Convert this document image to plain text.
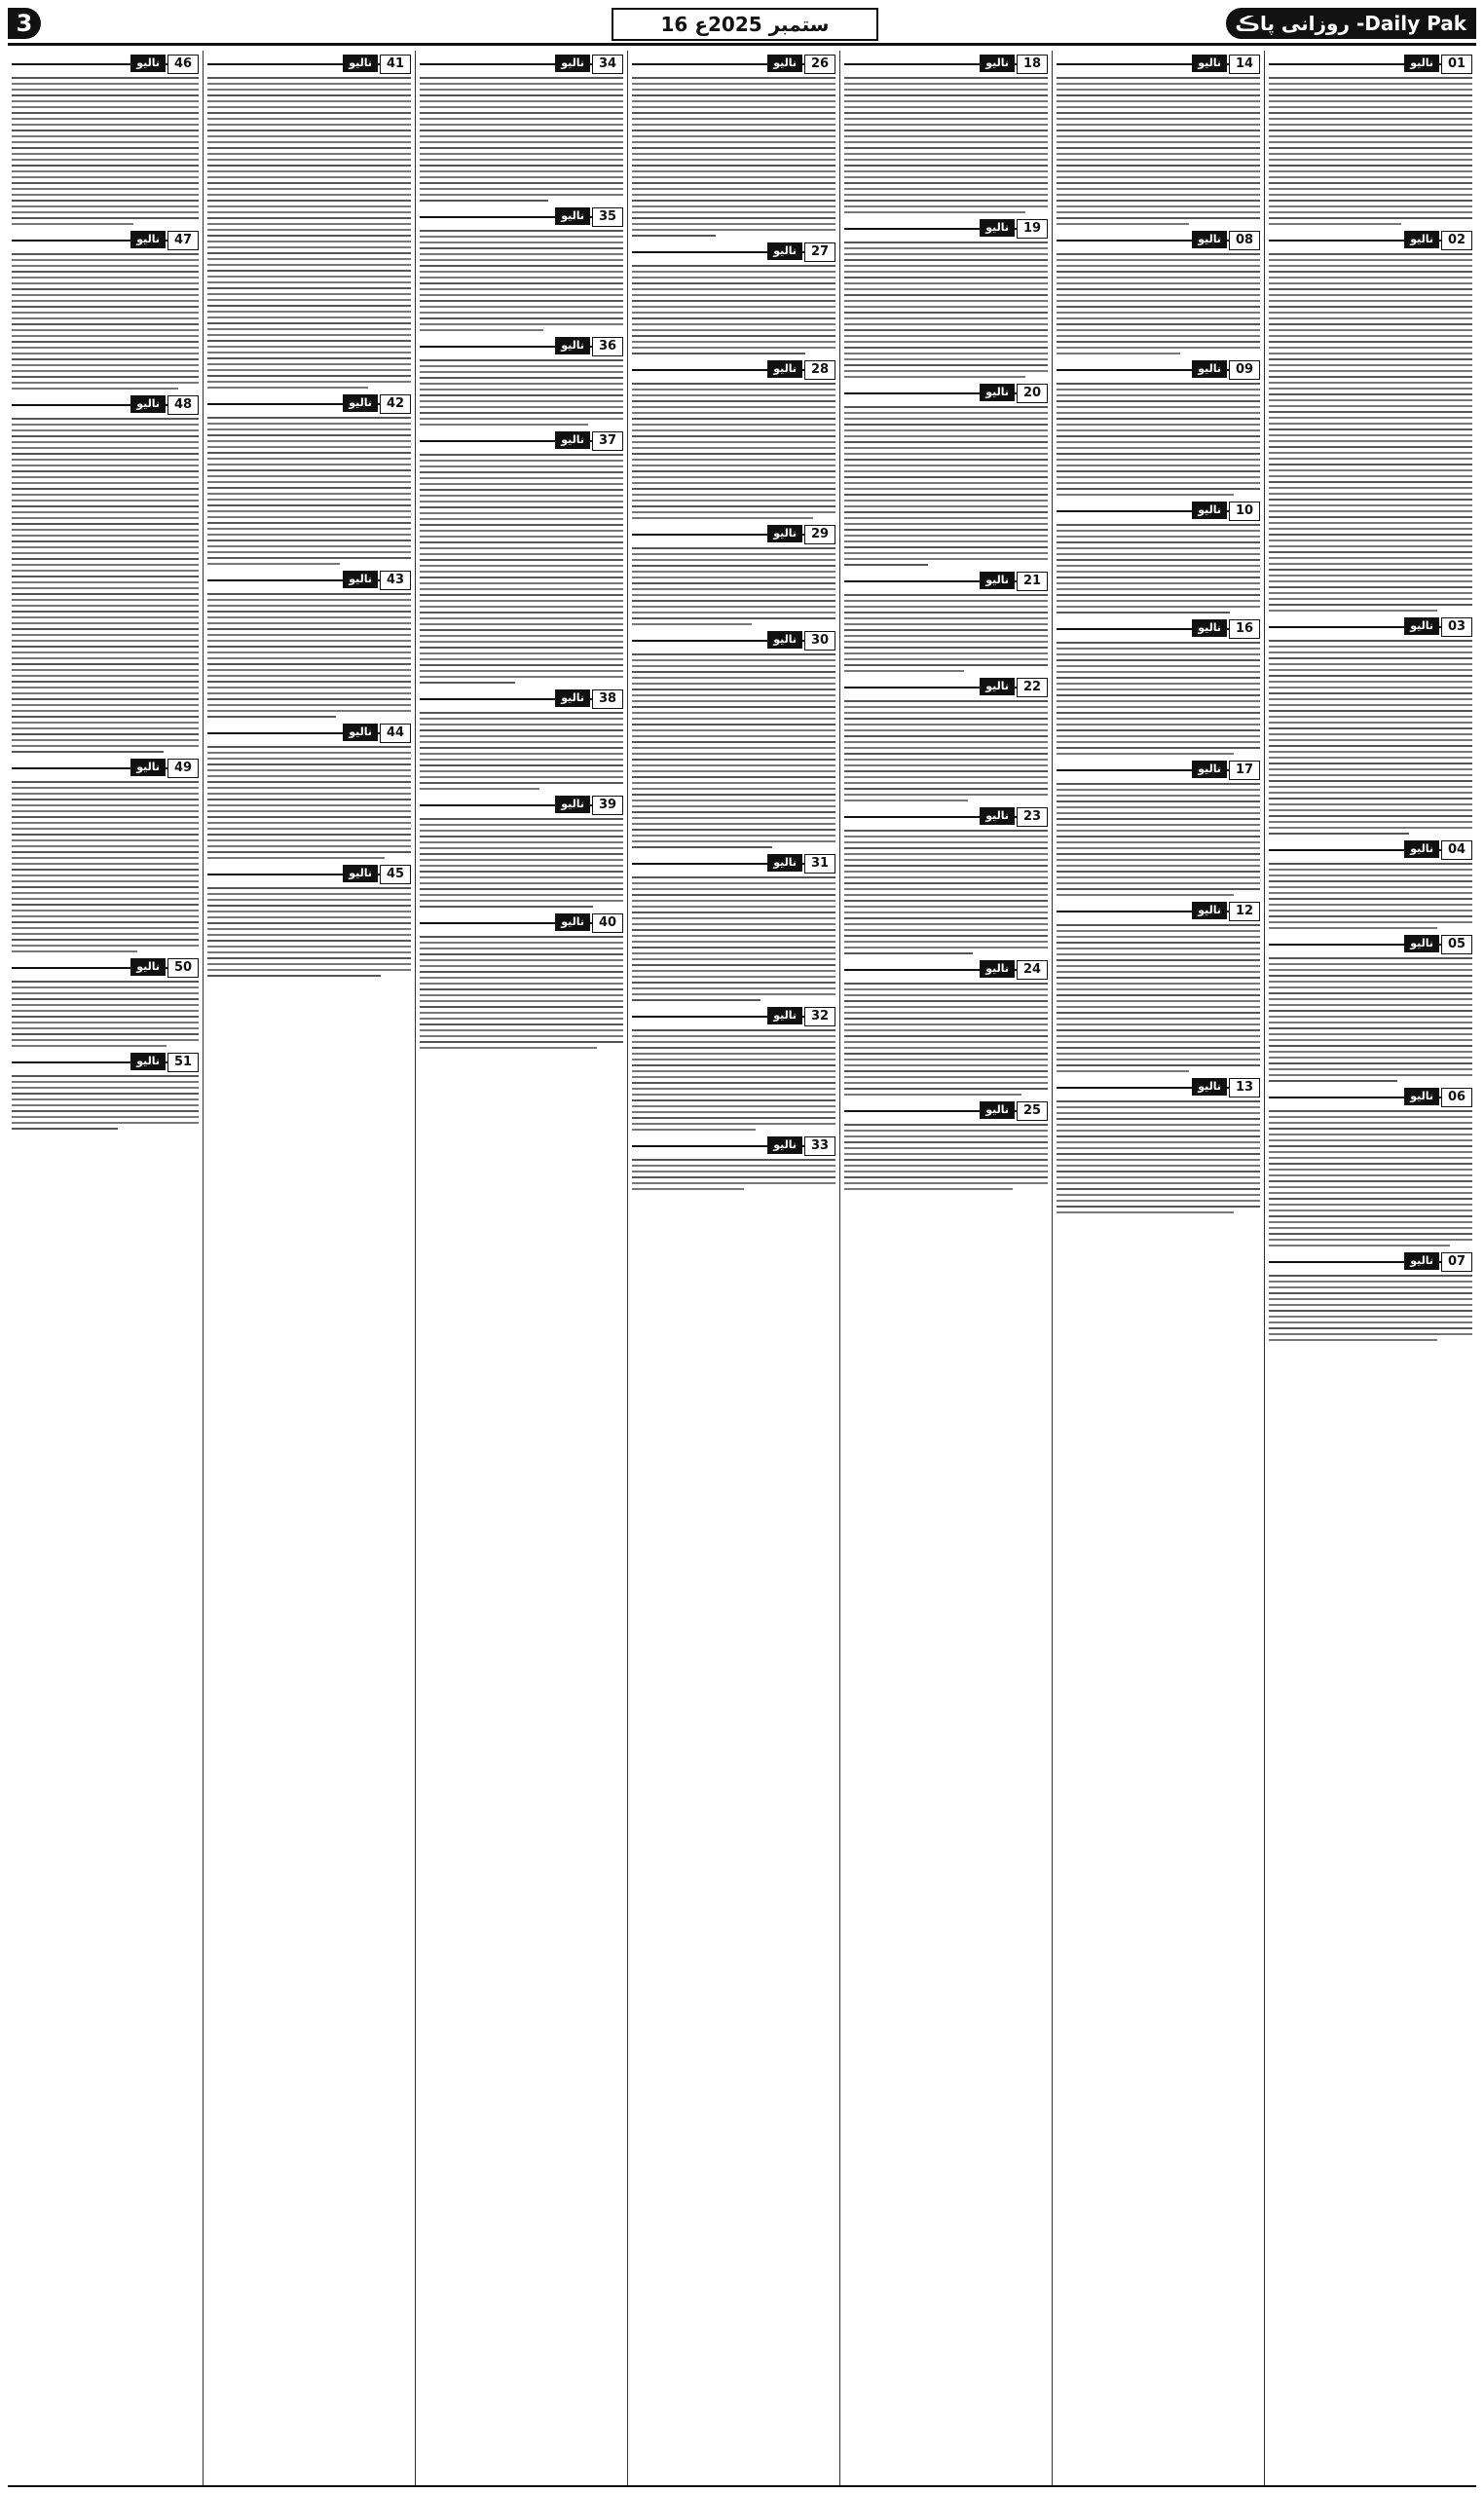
3	16 ستمبر 2025ع	روزانی پاڪ -Daily Pak
ناليو	46
ناليو	47
ناليو	48
ناليو	49
ناليو	50
ناليو	51
ناليو	41
ناليو	42
ناليو	43
ناليو	44
ناليو	45
ناليو	34
ناليو	35
ناليو	36
ناليو	37
ناليو	38
ناليو	39
ناليو	40
ناليو	26
ناليو	27
ناليو	28
ناليو	29
ناليو	30
ناليو	31
ناليو	32
ناليو	33
ناليو	18
ناليو	19
ناليو	20
ناليو	21
ناليو	22
ناليو	23
ناليو	24
ناليو	25
ناليو	14
ناليو	08
ناليو	09
ناليو	10
ناليو	16
ناليو	17
ناليو	12
ناليو	13
ناليو	01
ناليو	02
ناليو	03
ناليو	04
ناليو	05
ناليو	06
ناليو	07
